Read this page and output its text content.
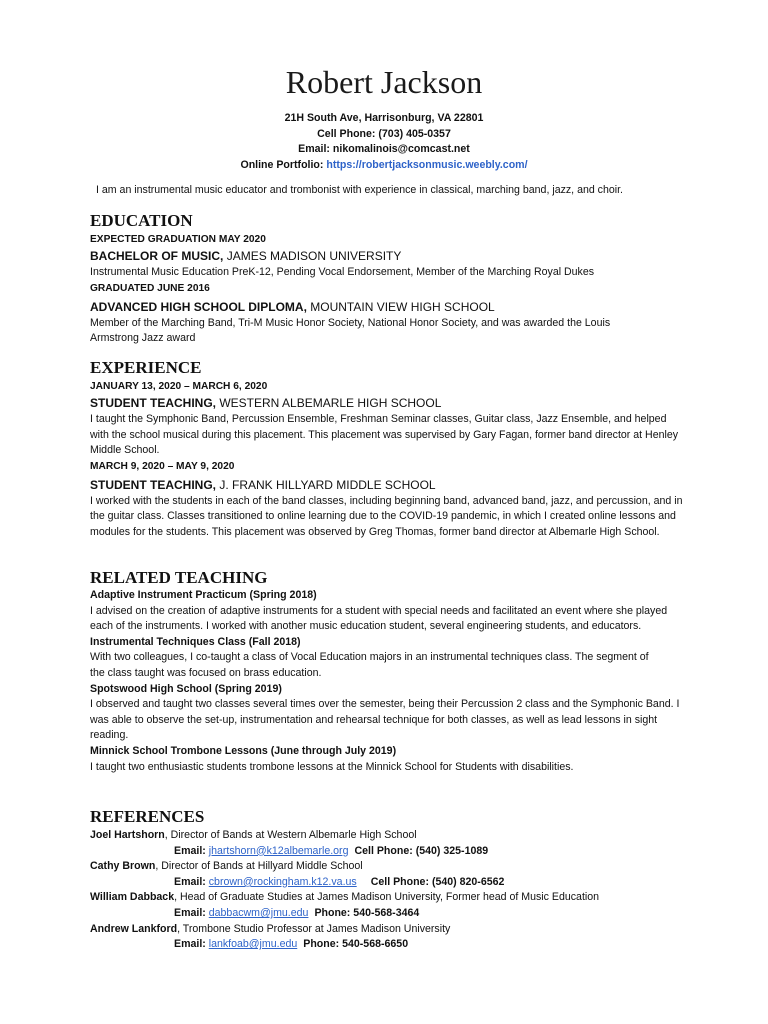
Robert Jackson
21H South Ave, Harrisonburg, VA 22801
Cell Phone: (703) 405-0357
Email: nikomalinois@comcast.net
Online Portfolio: https://robertjacksonmusic.weebly.com/
I am an instrumental music educator and trombonist with experience in classical, marching band, jazz, and choir.
EDUCATION
EXPECTED GRADUATION MAY 2020
BACHELOR OF MUSIC, JAMES MADISON UNIVERSITY
Instrumental Music Education PreK-12, Pending Vocal Endorsement, Member of the Marching Royal Dukes
GRADUATED JUNE 2016
ADVANCED HIGH SCHOOL DIPLOMA, MOUNTAIN VIEW HIGH SCHOOL
Member of the Marching Band, Tri-M Music Honor Society, National Honor Society, and was awarded the Louis Armstrong Jazz award
EXPERIENCE
JANUARY 13, 2020 – MARCH 6, 2020
STUDENT TEACHING, WESTERN ALBEMARLE HIGH SCHOOL
I taught the Symphonic Band, Percussion Ensemble, Freshman Seminar classes, Guitar class, Jazz Ensemble, and helped with the school musical during this placement. This placement was supervised by Gary Fagan, former band director at Henley Middle School.
MARCH 9, 2020 – MAY 9, 2020
STUDENT TEACHING, J. FRANK HILLYARD MIDDLE SCHOOL
I worked with the students in each of the band classes, including beginning band, advanced band, jazz, and percussion, and in the guitar class. Classes transitioned to online learning due to the COVID-19 pandemic, in which I created online lessons and modules for the students. This placement was observed by Greg Thomas, former band director at Albemarle High School.
RELATED TEACHING
Adaptive Instrument Practicum (Spring 2018)
I advised on the creation of adaptive instruments for a student with special needs and facilitated an event where she played each of the instruments. I worked with another music education student, several engineering students, and educators.
Instrumental Techniques Class (Fall 2018)
With two colleagues, I co-taught a class of Vocal Education majors in an instrumental techniques class. The segment of the class taught was focused on brass education.
Spotswood High School (Spring 2019)
I observed and taught two classes several times over the semester, being their Percussion 2 class and the Symphonic Band. I was able to observe the set-up, instrumentation and rehearsal technique for both classes, as well as lead lessons in sight reading.
Minnick School Trombone Lessons (June through July 2019)
I taught two enthusiastic students trombone lessons at the Minnick School for Students with disabilities.
REFERENCES
Joel Hartshorn, Director of Bands at Western Albemarle High School
Email: jhartshorn@k12albemarle.org Cell Phone: (540) 325-1089
Cathy Brown, Director of Bands at Hillyard Middle School
Email: cbrown@rockingham.k12.va.us Cell Phone: (540) 820-6562
William Dabback, Head of Graduate Studies at James Madison University, Former head of Music Education
Email: dabbacwm@jmu.edu Phone: 540-568-3464
Andrew Lankford, Trombone Studio Professor at James Madison University
Email: lankfoab@jmu.edu Phone: 540-568-6650
